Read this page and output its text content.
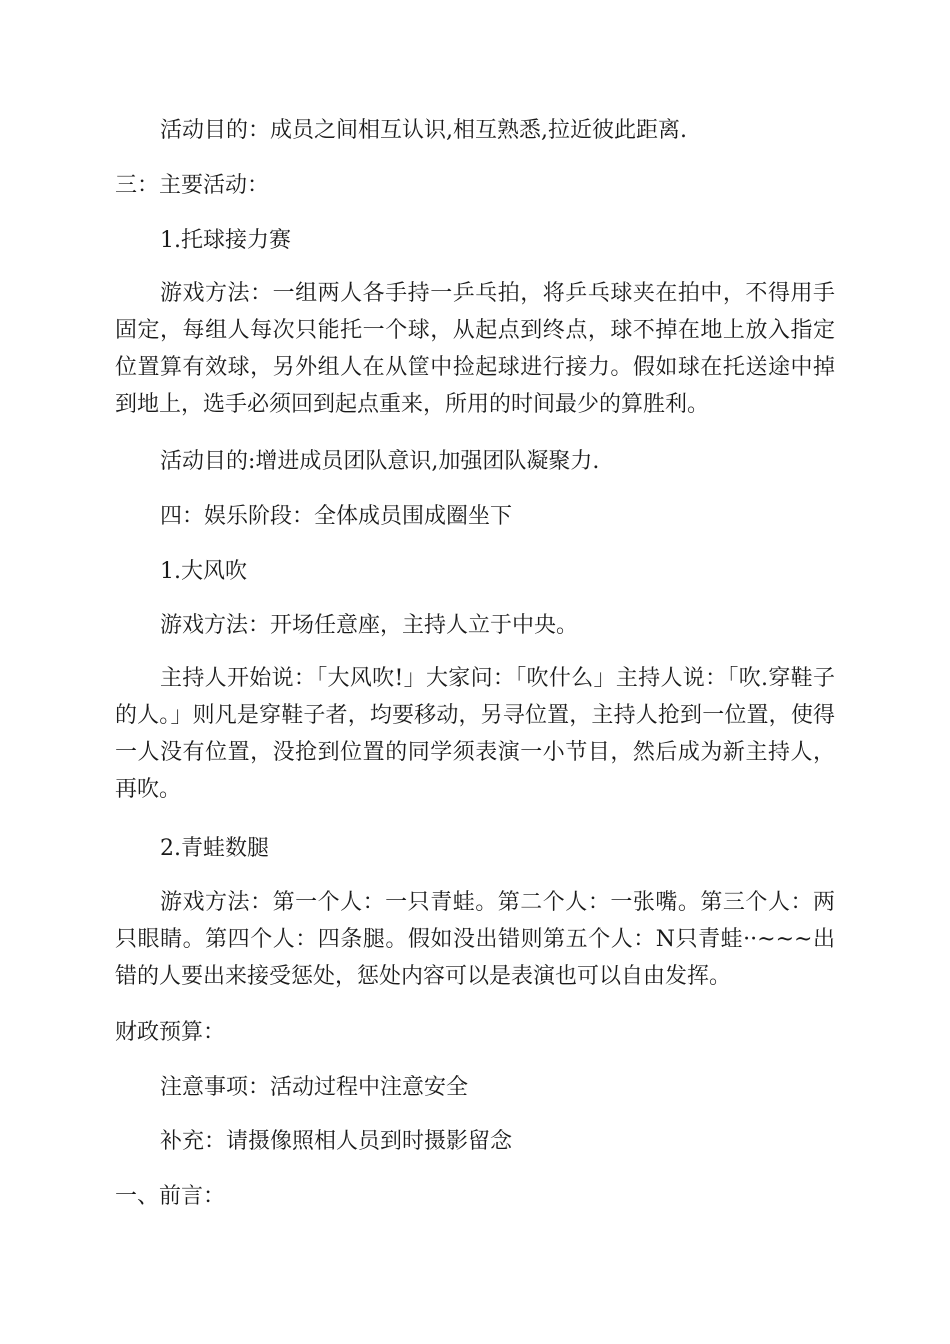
活动目的：成员之间相互认识,相互熟悉,拉近彼此距离.

三：主要活动：

1.托球接力赛

游戏方法：一组两人各手持一乒乓拍，将乒乓球夹在拍中，不得用手固定，每组人每次只能托一个球，从起点到终点，球不掉在地上放入指定位置算有效球，另外组人在从筐中捡起球进行接力。假如球在托送途中掉到地上，选手必须回到起点重来，所用的时间最少的算胜利。

活动目的:增进成员团队意识,加强团队凝聚力.

四：娱乐阶段：全体成员围成圈坐下

1.大风吹

游戏方法：开场任意座，主持人立于中央。

主持人开始说：「大风吹!」大家问：「吹什么」主持人说：「吹.穿鞋子的人。」则凡是穿鞋子者，均要移动，另寻位置，主持人抢到一位置，使得一人没有位置，没抢到位置的同学须表演一小节目，然后成为新主持人，再吹。

2.青蛙数腿

游戏方法：第一个人：一只青蛙。第二个人：一张嘴。第三个人：两只眼睛。第四个人：四条腿。假如没出错则第五个人：N只青蛙··~~~出错的人要出来接受惩处，惩处内容可以是表演也可以自由发挥。

财政预算：

注意事项：活动过程中注意安全

补充：请摄像照相人员到时摄影留念

一、前言：
